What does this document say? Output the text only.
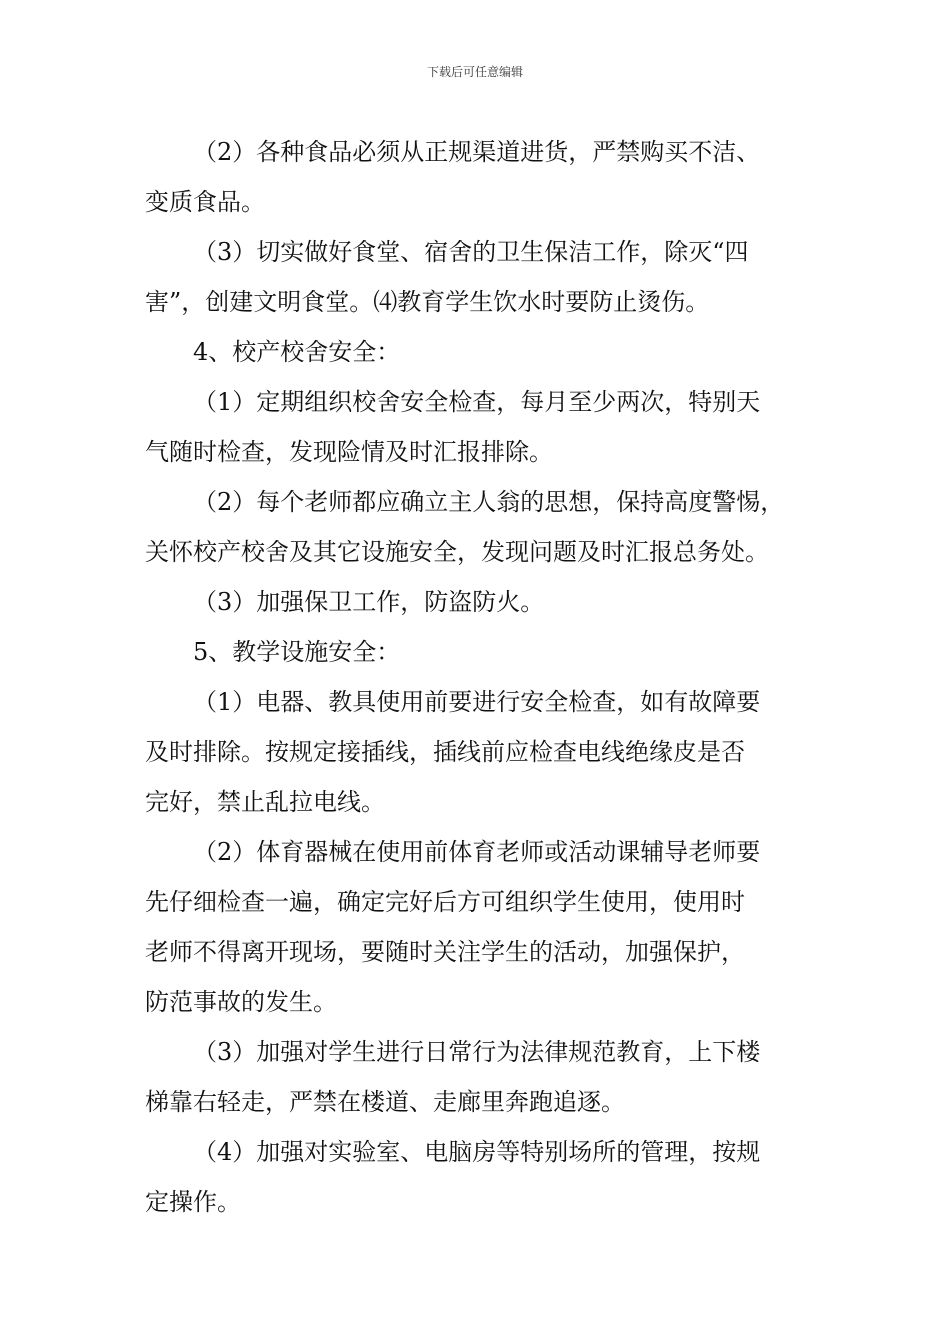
下载后可任意编辑
（2）各种食品必须从正规渠道进货，严禁购买不洁、
变质食品。
（3）切实做好食堂、宿舍的卫生保洁工作，除灭“四
害”，创建文明食堂。⑷教育学生饮水时要防止烫伤。
4、校产校舍安全：
（1）定期组织校舍安全检查，每月至少两次，特别天
气随时检查，发现险情及时汇报排除。
（2）每个老师都应确立主人翁的思想，保持高度警惕，
关怀校产校舍及其它设施安全，发现问题及时汇报总务处。
（3）加强保卫工作，防盗防火。
5、教学设施安全：
（1）电器、教具使用前要进行安全检查，如有故障要
及时排除。按规定接插线，插线前应检查电线绝缘皮是否
完好，禁止乱拉电线。
（2）体育器械在使用前体育老师或活动课辅导老师要
先仔细检查一遍，确定完好后方可组织学生使用，使用时
老师不得离开现场，要随时关注学生的活动，加强保护，
防范事故的发生。
（3）加强对学生进行日常行为法律规范教育，上下楼
梯靠右轻走，严禁在楼道、走廊里奔跑追逐。
（4）加强对实验室、电脑房等特别场所的管理，按规
定操作。
